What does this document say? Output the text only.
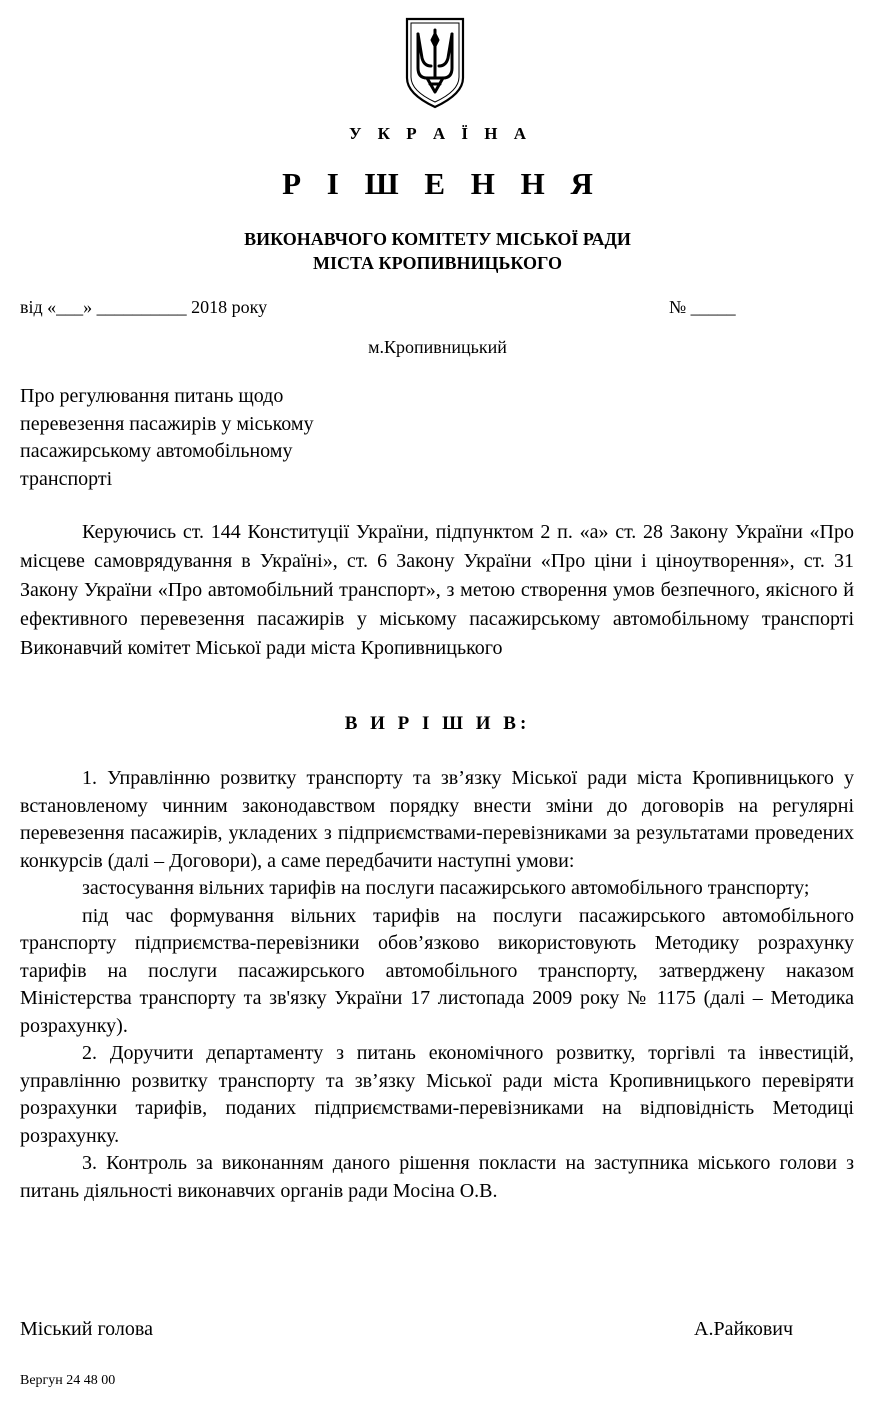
У К Р А Ї Н А
Р І Ш Е Н Н Я
ВИКОНАВЧОГО КОМІТЕТУ МІСЬКОЇ РАДИ
МІСТА КРОПИВНИЦЬКОГО
від «___» __________ 2018 року	№ _____
м.Кропивницький
Про регулювання питань щодо
перевезення пасажирів у міському
пасажирському автомобільному
транспорті

Керуючись ст. 144 Конституції України, підпунктом 2 п. «а» ст. 28 Закону України «Про місцеве самоврядування в Україні», ст. 6 Закону України «Про ціни і ціноутворення», ст. 31 Закону України «Про автомобільний транспорт», з метою створення умов безпечного, якісного й ефективного перевезення пасажирів у міському пасажирському автомобільному транспорті Виконавчий комітет Міської ради міста Кропивницького

В И Р І Ш И В:

1. Управлінню розвитку транспорту та зв’язку Міської ради міста Кропивницького у встановленому чинним законодавством порядку внести зміни до договорів на регулярні перевезення пасажирів, укладених з підприємствами-перевізниками за результатами проведених конкурсів (далі – Договори), а саме передбачити наступні умови:

застосування вільних тарифів на послуги пасажирського автомобільного транспорту;

під час формування вільних тарифів на послуги пасажирського автомобільного транспорту підприємства-перевізники обов’язково використовують Методику розрахунку тарифів на послуги пасажирського автомобільного транспорту, затверджену наказом Міністерства транспорту та зв'язку України 17 листопада 2009 року № 1175 (далі – Методика розрахунку).

2. Доручити департаменту з питань економічного розвитку, торгівлі та інвестицій, управлінню розвитку транспорту та зв’язку Міської ради міста Кропивницького перевіряти розрахунки тарифів, поданих підприємствами-перевізниками на відповідність Методиці розрахунку.

3. Контроль за виконанням даного рішення покласти на заступника міського голови з питань діяльності виконавчих органів ради Мосіна О.В.

Міський голова	А.Райкович
Вергун 24 48 00
